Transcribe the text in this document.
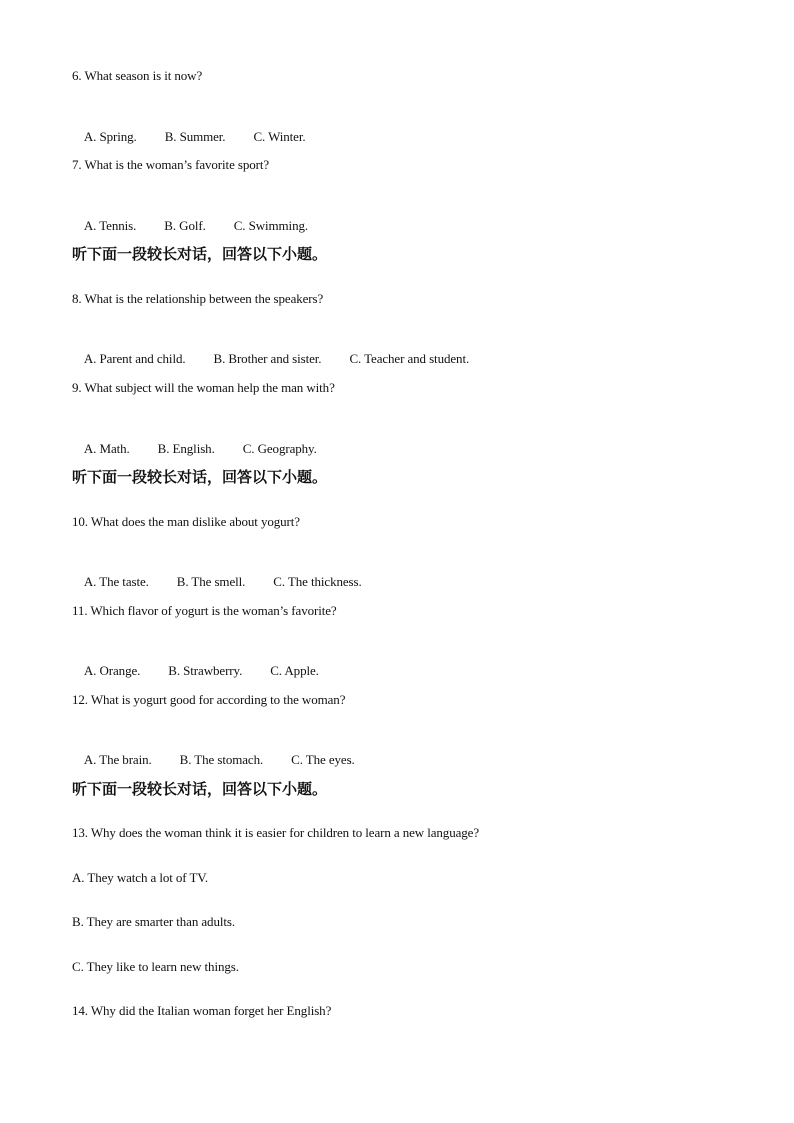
6. What season is it now?

A. Spring. B. Summer. C. Winter.

7. What is the woman’s favorite sport?

A. Tennis. B. Golf. C. Swimming.

听下面一段较长对话，回答以下小题。
8. What is the relationship between the speakers?

A. Parent and child. B. Brother and sister. C. Teacher and student.

9. What subject will the woman help the man with?

A. Math. B. English. C. Geography.

听下面一段较长对话，回答以下小题。
10. What does the man dislike about yogurt?

A. The taste. B. The smell. C. The thickness.

11. Which flavor of yogurt is the woman’s favorite?

A. Orange. B. Strawberry. C. Apple.

12. What is yogurt good for according to the woman?

A. The brain. B. The stomach. C. The eyes.

听下面一段较长对话，回答以下小题。
13. Why does the woman think it is easier for children to learn a new language?
A. They watch a lot of TV.
B. They are smarter than adults.
C. They like to learn new things.
14. Why did the Italian woman forget her English?
